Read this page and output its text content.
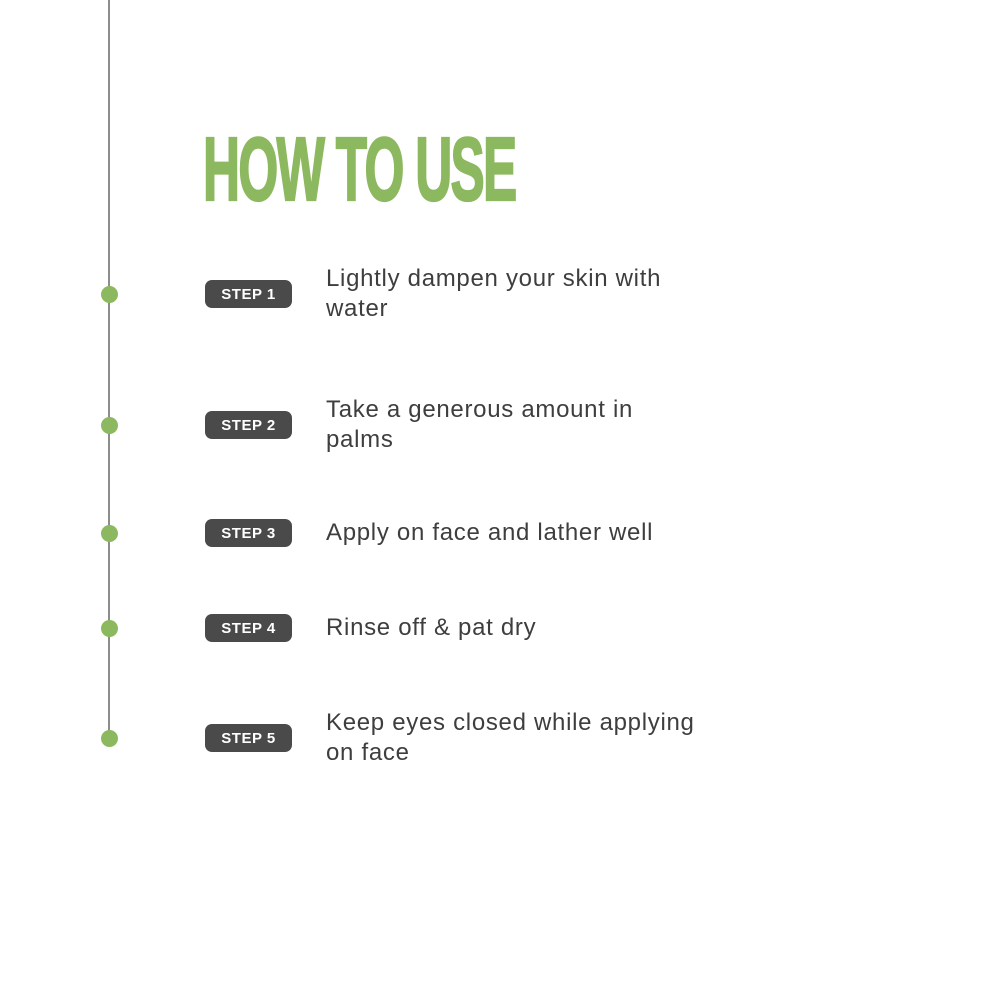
HOW TO USE
STEP 1
Lightly dampen your skin with
water
STEP 2
Take a generous amount in
palms
STEP 3	Apply on face and lather well
STEP 4	Rinse off & pat dry
STEP 5
Keep eyes closed while applying
on face
